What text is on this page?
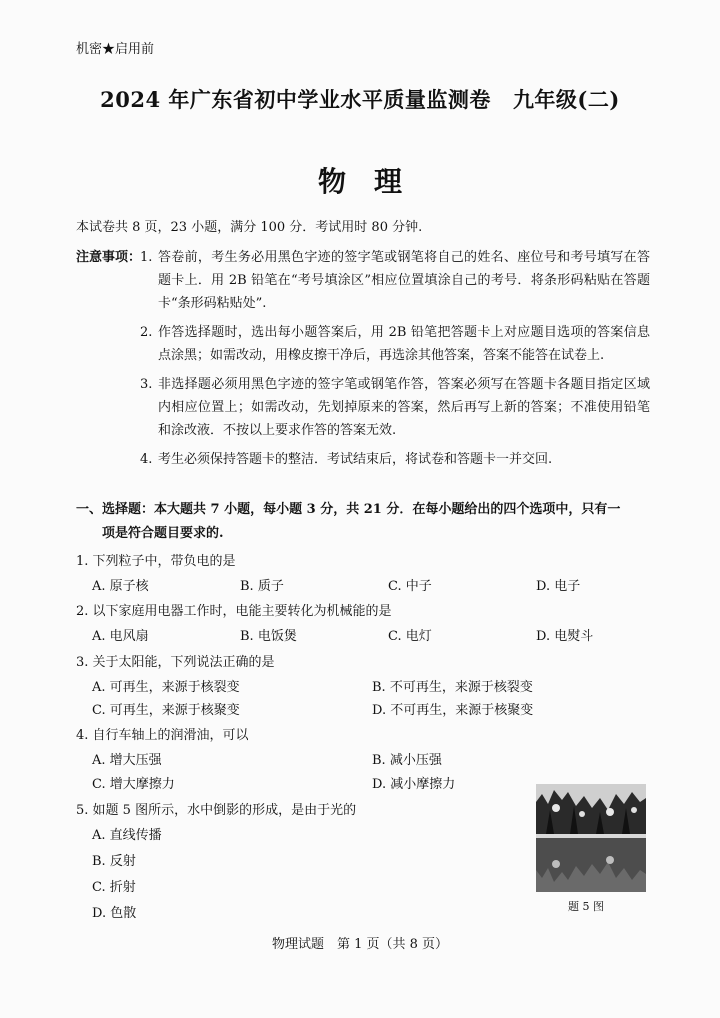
机密★启用前
2024 年广东省初中学业水平质量监测卷 九年级(二)
物理
本试卷共 8 页，23 小题，满分 100 分．考试用时 80 分钟.
注意事项：
1. 答卷前，考生务必用黑色字迹的签字笔或钢笔将自己的姓名、座位号和考号填写在答题卡上．用 2B 铅笔在“考号填涂区”相应位置填涂自己的考号．将条形码粘贴在答题卡“条形码粘贴处”.
2. 作答选择题时，选出每小题答案后，用 2B 铅笔把答题卡上对应题目选项的答案信息点涂黑；如需改动，用橡皮擦干净后，再选涂其他答案，答案不能答在试卷上.
3. 非选择题必须用黑色字迹的签字笔或钢笔作答，答案必须写在答题卡各题目指定区域内相应位置上；如需改动，先划掉原来的答案，然后再写上新的答案；不准使用铅笔和涂改液．不按以上要求作答的答案无效.
4. 考生必须保持答题卡的整洁．考试结束后，将试卷和答题卡一并交回.
一、选择题：本大题共 7 小题，每小题 3 分，共 21 分．在每小题给出的四个选项中，只有一
项是符合题目要求的.
1. 下列粒子中，带负电的是
A. 原子核	B. 质子	C. 中子	D. 电子
2. 以下家庭用电器工作时，电能主要转化为机械能的是
A. 电风扇	B. 电饭煲	C. 电灯	D. 电熨斗
3. 关于太阳能，下列说法正确的是
A. 可再生，来源于核裂变	B. 不可再生，来源于核裂变
C. 可再生，来源于核聚变	D. 不可再生，来源于核聚变
4. 自行车轴上的润滑油，可以
A. 增大压强	B. 减小压强
C. 增大摩擦力	D. 减小摩擦力
5. 如题 5 图所示，水中倒影的形成，是由于光的
A. 直线传播
B. 反射
C. 折射
D. 色散	题 5 图
物理试题　第 1 页（共 8 页）
